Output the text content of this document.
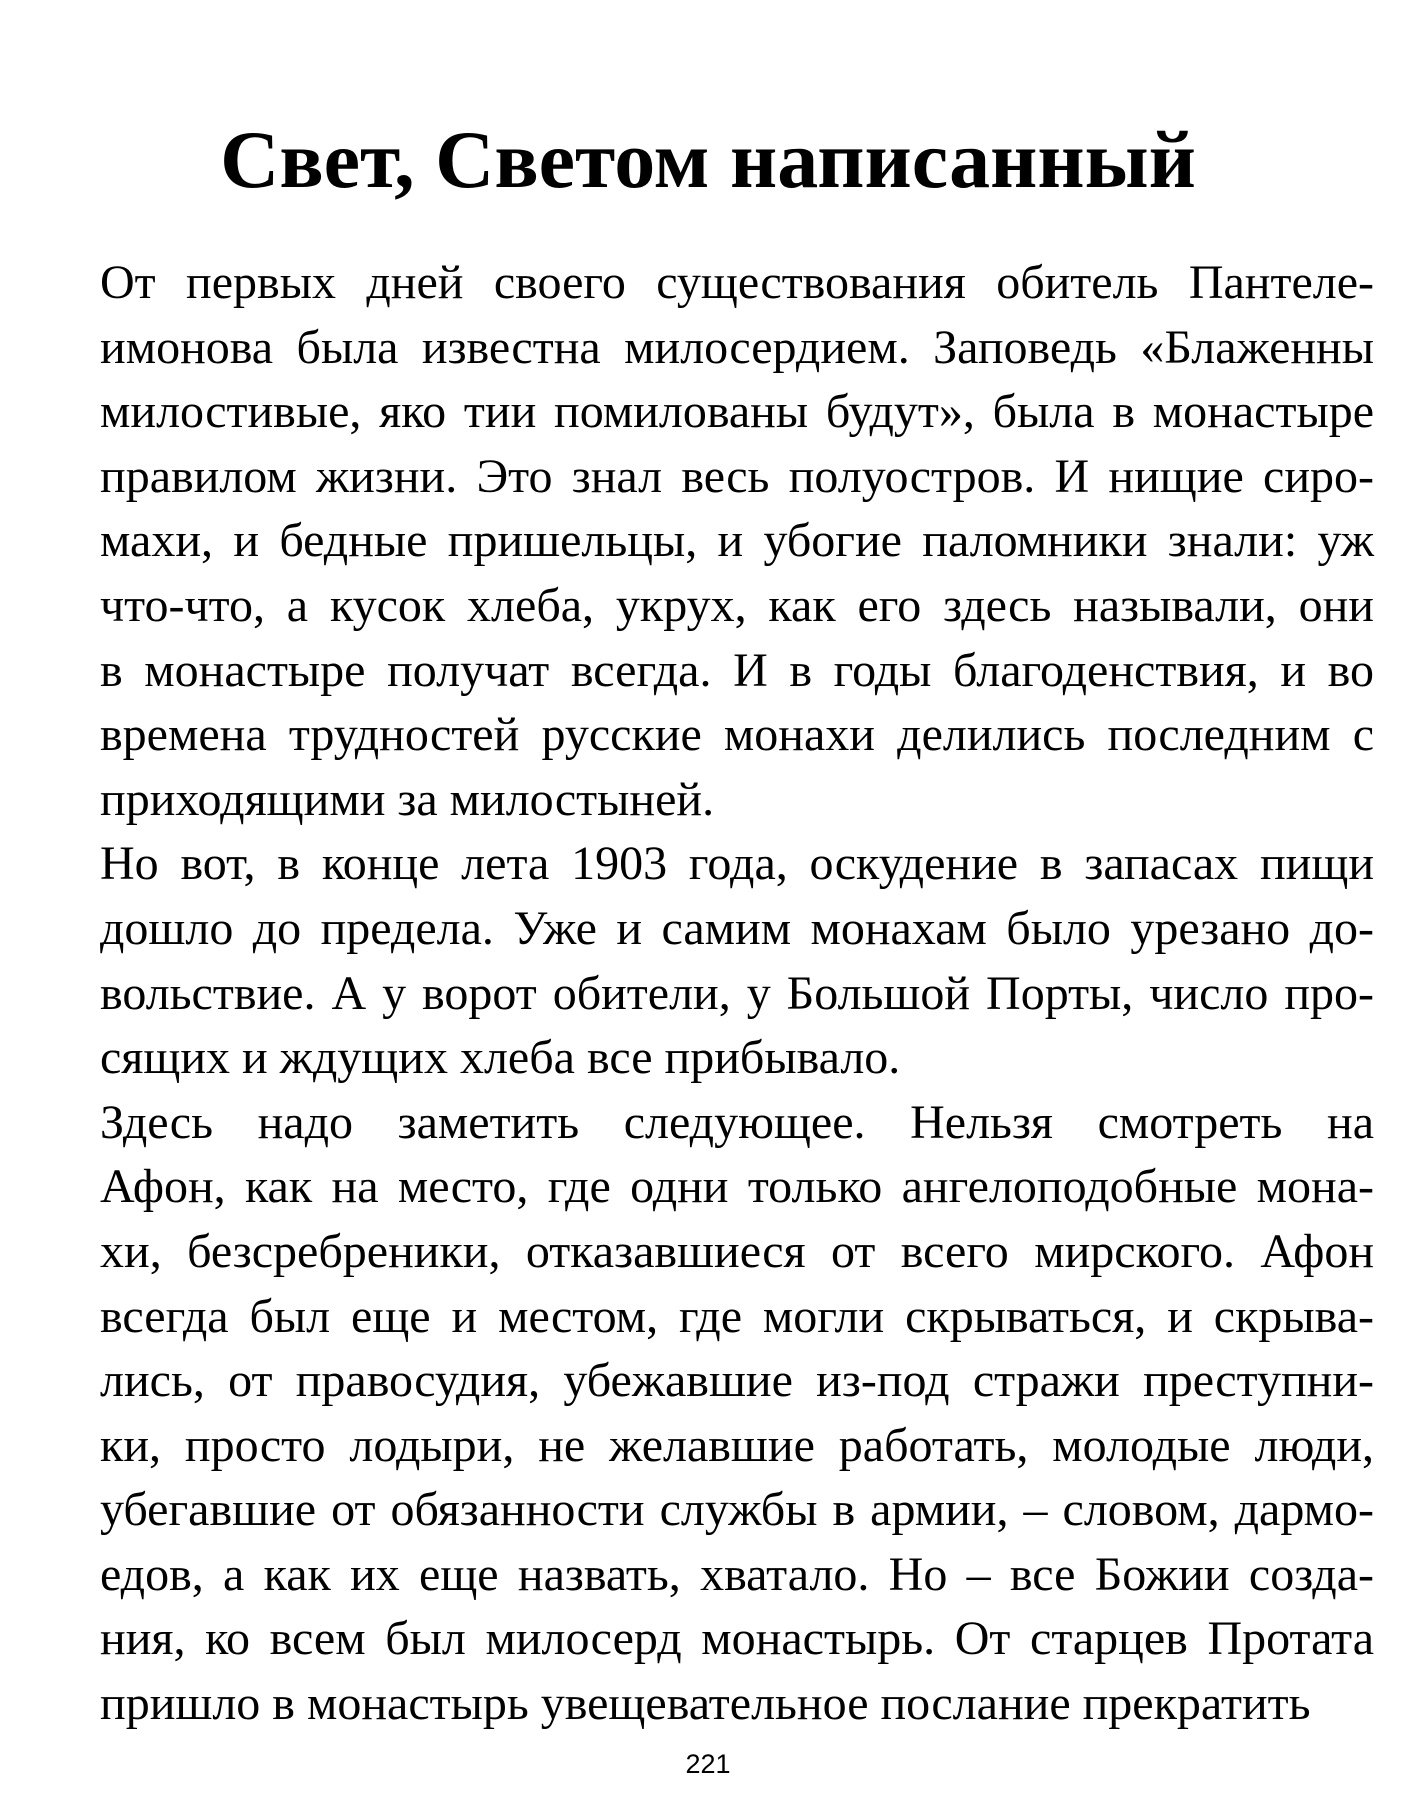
Свет, Светом написанный

От первых дней своего существования обитель Пантеле-
имонова была известна милосердием. Заповедь «Блаженны
милостивые, яко тии помилованы будут», была в монастыре
правилом жизни. Это знал весь полуостров. И нищие сиро-
махи, и бедные пришельцы, и убогие паломники знали: уж
что-что, а кусок хлеба, укрух, как его здесь называли, они
в монастыре получат всегда. И в годы благоденствия, и во
времена трудностей русские монахи делились последним с
приходящими за милостыней.

Но вот, в конце лета 1903 года, оскудение в запасах пищи
дошло до предела. Уже и самим монахам было урезано до-
вольствие. А у ворот обители, у Большой Порты, число про-
сящих и ждущих хлеба все прибывало.

Здесь надо заметить следующее. Нельзя смотреть на
Афон, как на место, где одни только ангелоподобные мона-
хи, безсребреники, отказавшиеся от всего мирского. Афон
всегда был еще и местом, где могли скрываться, и скрыва-
лись, от правосудия, убежавшие из-под стражи преступни-
ки, просто лодыри, не желавшие работать, молодые люди,
убегавшие от обязанности службы в армии, – словом, дармо-
едов, а как их еще назвать, хватало. Но – все Божии созда-
ния, ко всем был милосерд монастырь. От старцев Протата
пришло в монастырь увещевательное послание прекратить

221
